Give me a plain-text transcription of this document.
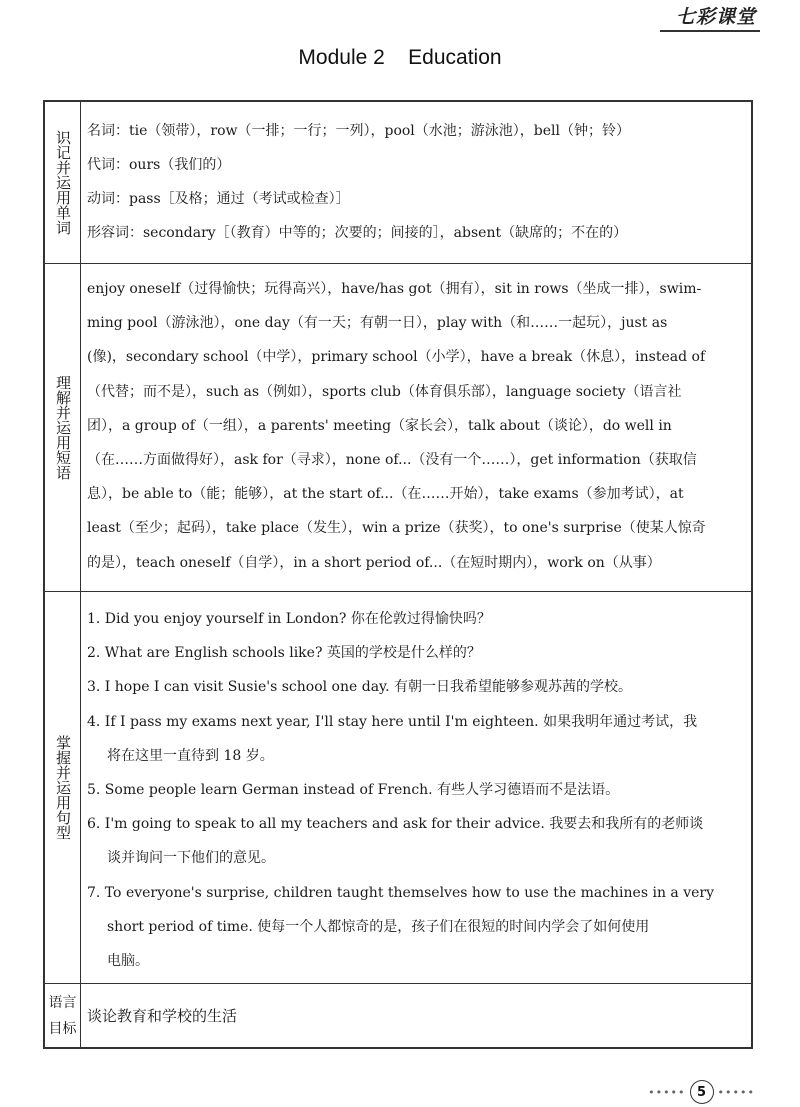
七彩课堂
Module 2    Education
识记并运用单词 名词：tie（领带），row（一排；一行；一列），pool（水池；游泳池），bell（钟；铃）

代词：ours（我们的）

动词：pass［及格；通过（考试或检查）］

形容词：secondary［（教育）中等的；次要的；间接的］，absent（缺席的；不在的）

理解并运用短语

enjoy oneself（过得愉快；玩得高兴），have/has got（拥有），sit in rows（坐成一排），swim-

ming pool（游泳池），one day（有一天；有朝一日），play with（和……一起玩），just as

(像)，secondary school（中学），primary school（小学），have a break（休息），instead of

（代替；而不是），such as（例如），sports club（体育俱乐部），language society（语言社

团），a group of（一组），a parents' meeting（家长会），talk about（谈论），do well in

（在……方面做得好），ask for（寻求），none of...（没有一个……），get information（获取信

息），be able to（能；能够），at the start of...（在……开始），take exams（参加考试），at

least（至少；起码），take place（发生），win a prize（获奖），to one's surprise（使某人惊奇

的是），teach oneself（自学），in a short period of...（在短时期内），work on（从事）

掌握并运用句型

1. Did you enjoy yourself in London? 你在伦敦过得愉快吗？

2. What are English schools like? 英国的学校是什么样的？

3. I hope I can visit Susie's school one day. 有朝一日我希望能够参观苏茜的学校。

4. If I pass my exams next year, I'll stay here until I'm eighteen. 如果我明年通过考试，我

将在这里一直待到 18 岁。

5. Some people learn German instead of French. 有些人学习德语而不是法语。

6. I'm going to speak to all my teachers and ask for their advice. 我要去和我所有的老师谈

谈并询问一下他们的意见。

7. To everyone's surprise, children taught themselves how to use the machines in a very

short period of time. 使每一个人都惊奇的是，孩子们在很短的时间内学会了如何使用

电脑。

语言
目标

谈论教育和学校的生活

••••• 5	•••••
